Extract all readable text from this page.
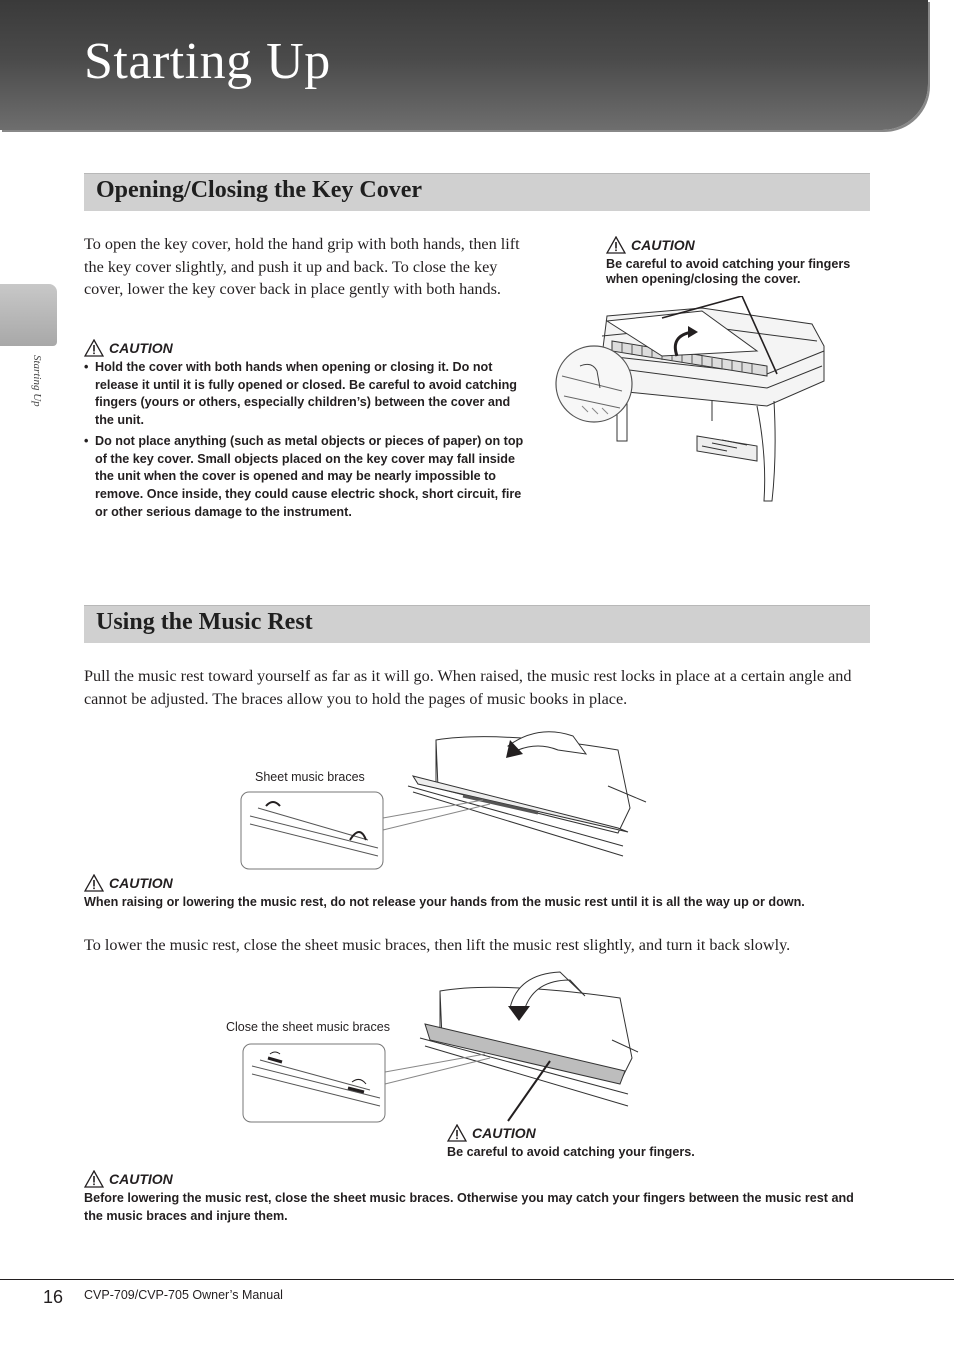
Starting Up
Starting Up
Opening/Closing the Key Cover
To open the key cover, hold the hand grip with both hands, then lift the key cover slightly, and push it up and back. To close the key cover, lower the key cover back in place gently with both hands.
CAUTION
• Hold the cover with both hands when opening or closing it. Do not release it until it is fully opened or closed. Be careful to avoid catching fingers (yours or others, especially children’s) between the cover and the unit.
• Do not place anything (such as metal objects or pieces of paper) on top of the key cover. Small objects placed on the key cover may fall inside the unit when the cover is opened and may be nearly impossible to remove. Once inside, they could cause electric shock, short circuit, fire or other serious damage to the instrument.
CAUTION
Be careful to avoid catching your fingers when opening/closing the cover.
Using the Music Rest
Pull the music rest toward yourself as far as it will go. When raised, the music rest locks in place at a certain angle and cannot be adjusted. The braces allow you to hold the pages of music books in place.
Sheet music braces
CAUTION
When raising or lowering the music rest, do not release your hands from the music rest until it is all the way up or down.
To lower the music rest, close the sheet music braces, then lift the music rest slightly, and turn it back slowly.
Close the sheet music braces
CAUTION
Be careful to avoid catching your fingers.
CAUTION
Before lowering the music rest, close the sheet music braces. Otherwise you may catch your fingers between the music rest and the music braces and injure them.
16 CVP-709/CVP-705 Owner’s Manual
